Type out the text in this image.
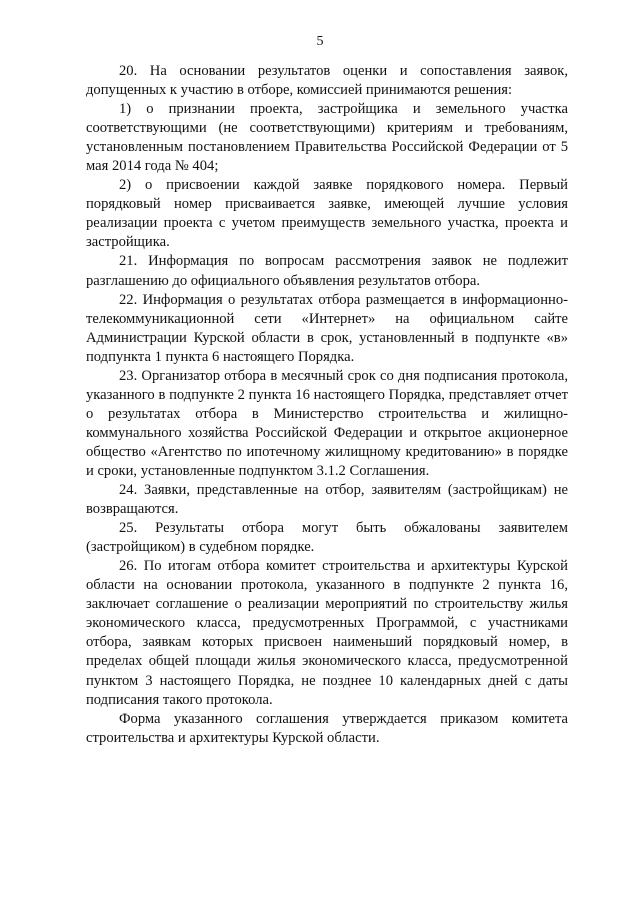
5

20. На основании результатов оценки и сопоставления заявок, допущенных к участию в отборе, комиссией принимаются решения:

1) о признании проекта, застройщика и земельного участка соответствующими (не соответствующими) критериям и требованиям, установленным постановлением Правительства Российской Федерации от 5 мая 2014 года № 404;

2) о присвоении каждой заявке порядкового номера. Первый порядковый номер присваивается заявке, имеющей лучшие условия реализации проекта с учетом преимуществ земельного участка, проекта и застройщика.

21. Информация по вопросам рассмотрения заявок не подлежит разглашению до официального объявления результатов отбора.

22. Информация о результатах отбора размещается в информационно-телекоммуникационной сети «Интернет» на официальном сайте Администрации Курской области в срок, установленный в подпункте «в» подпункта 1 пункта 6 настоящего Порядка.

23. Организатор отбора в месячный срок со дня подписания протокола, указанного в подпункте 2 пункта 16 настоящего Порядка, представляет отчет о результатах отбора в Министерство строительства и жилищно-коммунального хозяйства Российской Федерации и открытое акционерное общество «Агентство по ипотечному жилищному кредитованию» в порядке и сроки, установленные подпунктом 3.1.2 Соглашения.

24. Заявки, представленные на отбор, заявителям (застройщикам) не возвращаются.

25. Результаты отбора могут быть обжалованы заявителем (застройщиком) в судебном порядке.

26. По итогам отбора комитет строительства и архитектуры Курской области на основании протокола, указанного в подпункте 2 пункта 16, заключает соглашение о реализации мероприятий по строительству жилья экономического класса, предусмотренных Программой, с участниками отбора, заявкам которых присвоен наименьший порядковый номер, в пределах общей площади жилья экономического класса, предусмотренной пунктом 3 настоящего Порядка, не позднее 10 календарных дней с даты подписания такого протокола.

Форма указанного соглашения утверждается приказом комитета строительства и архитектуры Курской области.
